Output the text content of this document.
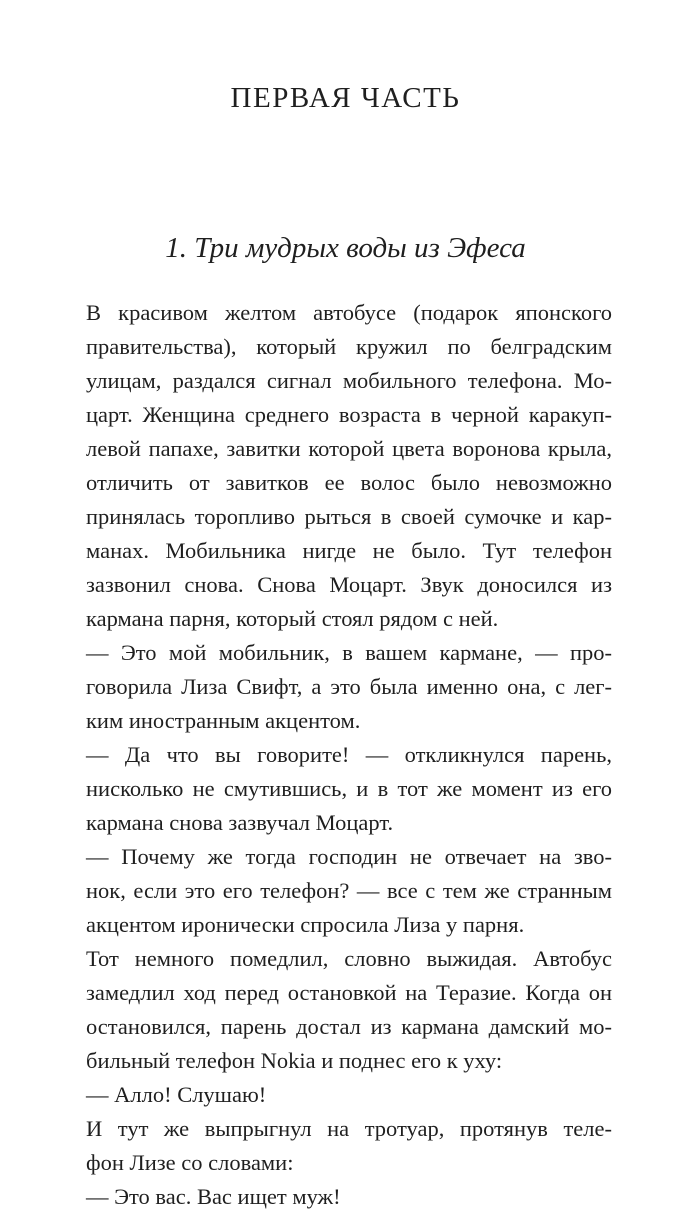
ПЕРВАЯ ЧАСТЬ
1. Три мудрых воды из Эфеса

В красивом желтом автобусе (подарок японского
правительства), который кружил по белградским
улицам, раздался сигнал мобильного телефона. Мо-
царт. Женщина среднего возраста в черной каракуп-
левой папахе, завитки которой цвета воронова крыла,
отличить от завитков ее волос было невозможно
принялась торопливо рыться в своей сумочке и кар-
манах. Мобильника нигде не было. Тут телефон
зазвонил снова. Снова Моцарт. Звук доносился из
кармана парня, который стоял рядом с ней.

— Это мой мобильник, в вашем кармане, — про-
говорила Лиза Свифт, а это была именно она, с лег-
ким иностранным акцентом.

— Да что вы говорите! — откликнулся парень,
нисколько не смутившись, и в тот же момент из его
кармана снова зазвучал Моцарт.

— Почему же тогда господин не отвечает на зво-
нок, если это его телефон? — все с тем же странным
акцентом иронически спросила Лиза у парня.

Тот немного помедлил, словно выжидая. Автобус
замедлил ход перед остановкой на Теразие. Когда он
остановился, парень достал из кармана дамский мо-
бильный телефон Nokia и поднес его к уху:

— Алло! Слушаю!

И тут же выпрыгнул на тротуар, протянув теле-
фон Лизе со словами:

— Это вас. Вас ищет муж!
